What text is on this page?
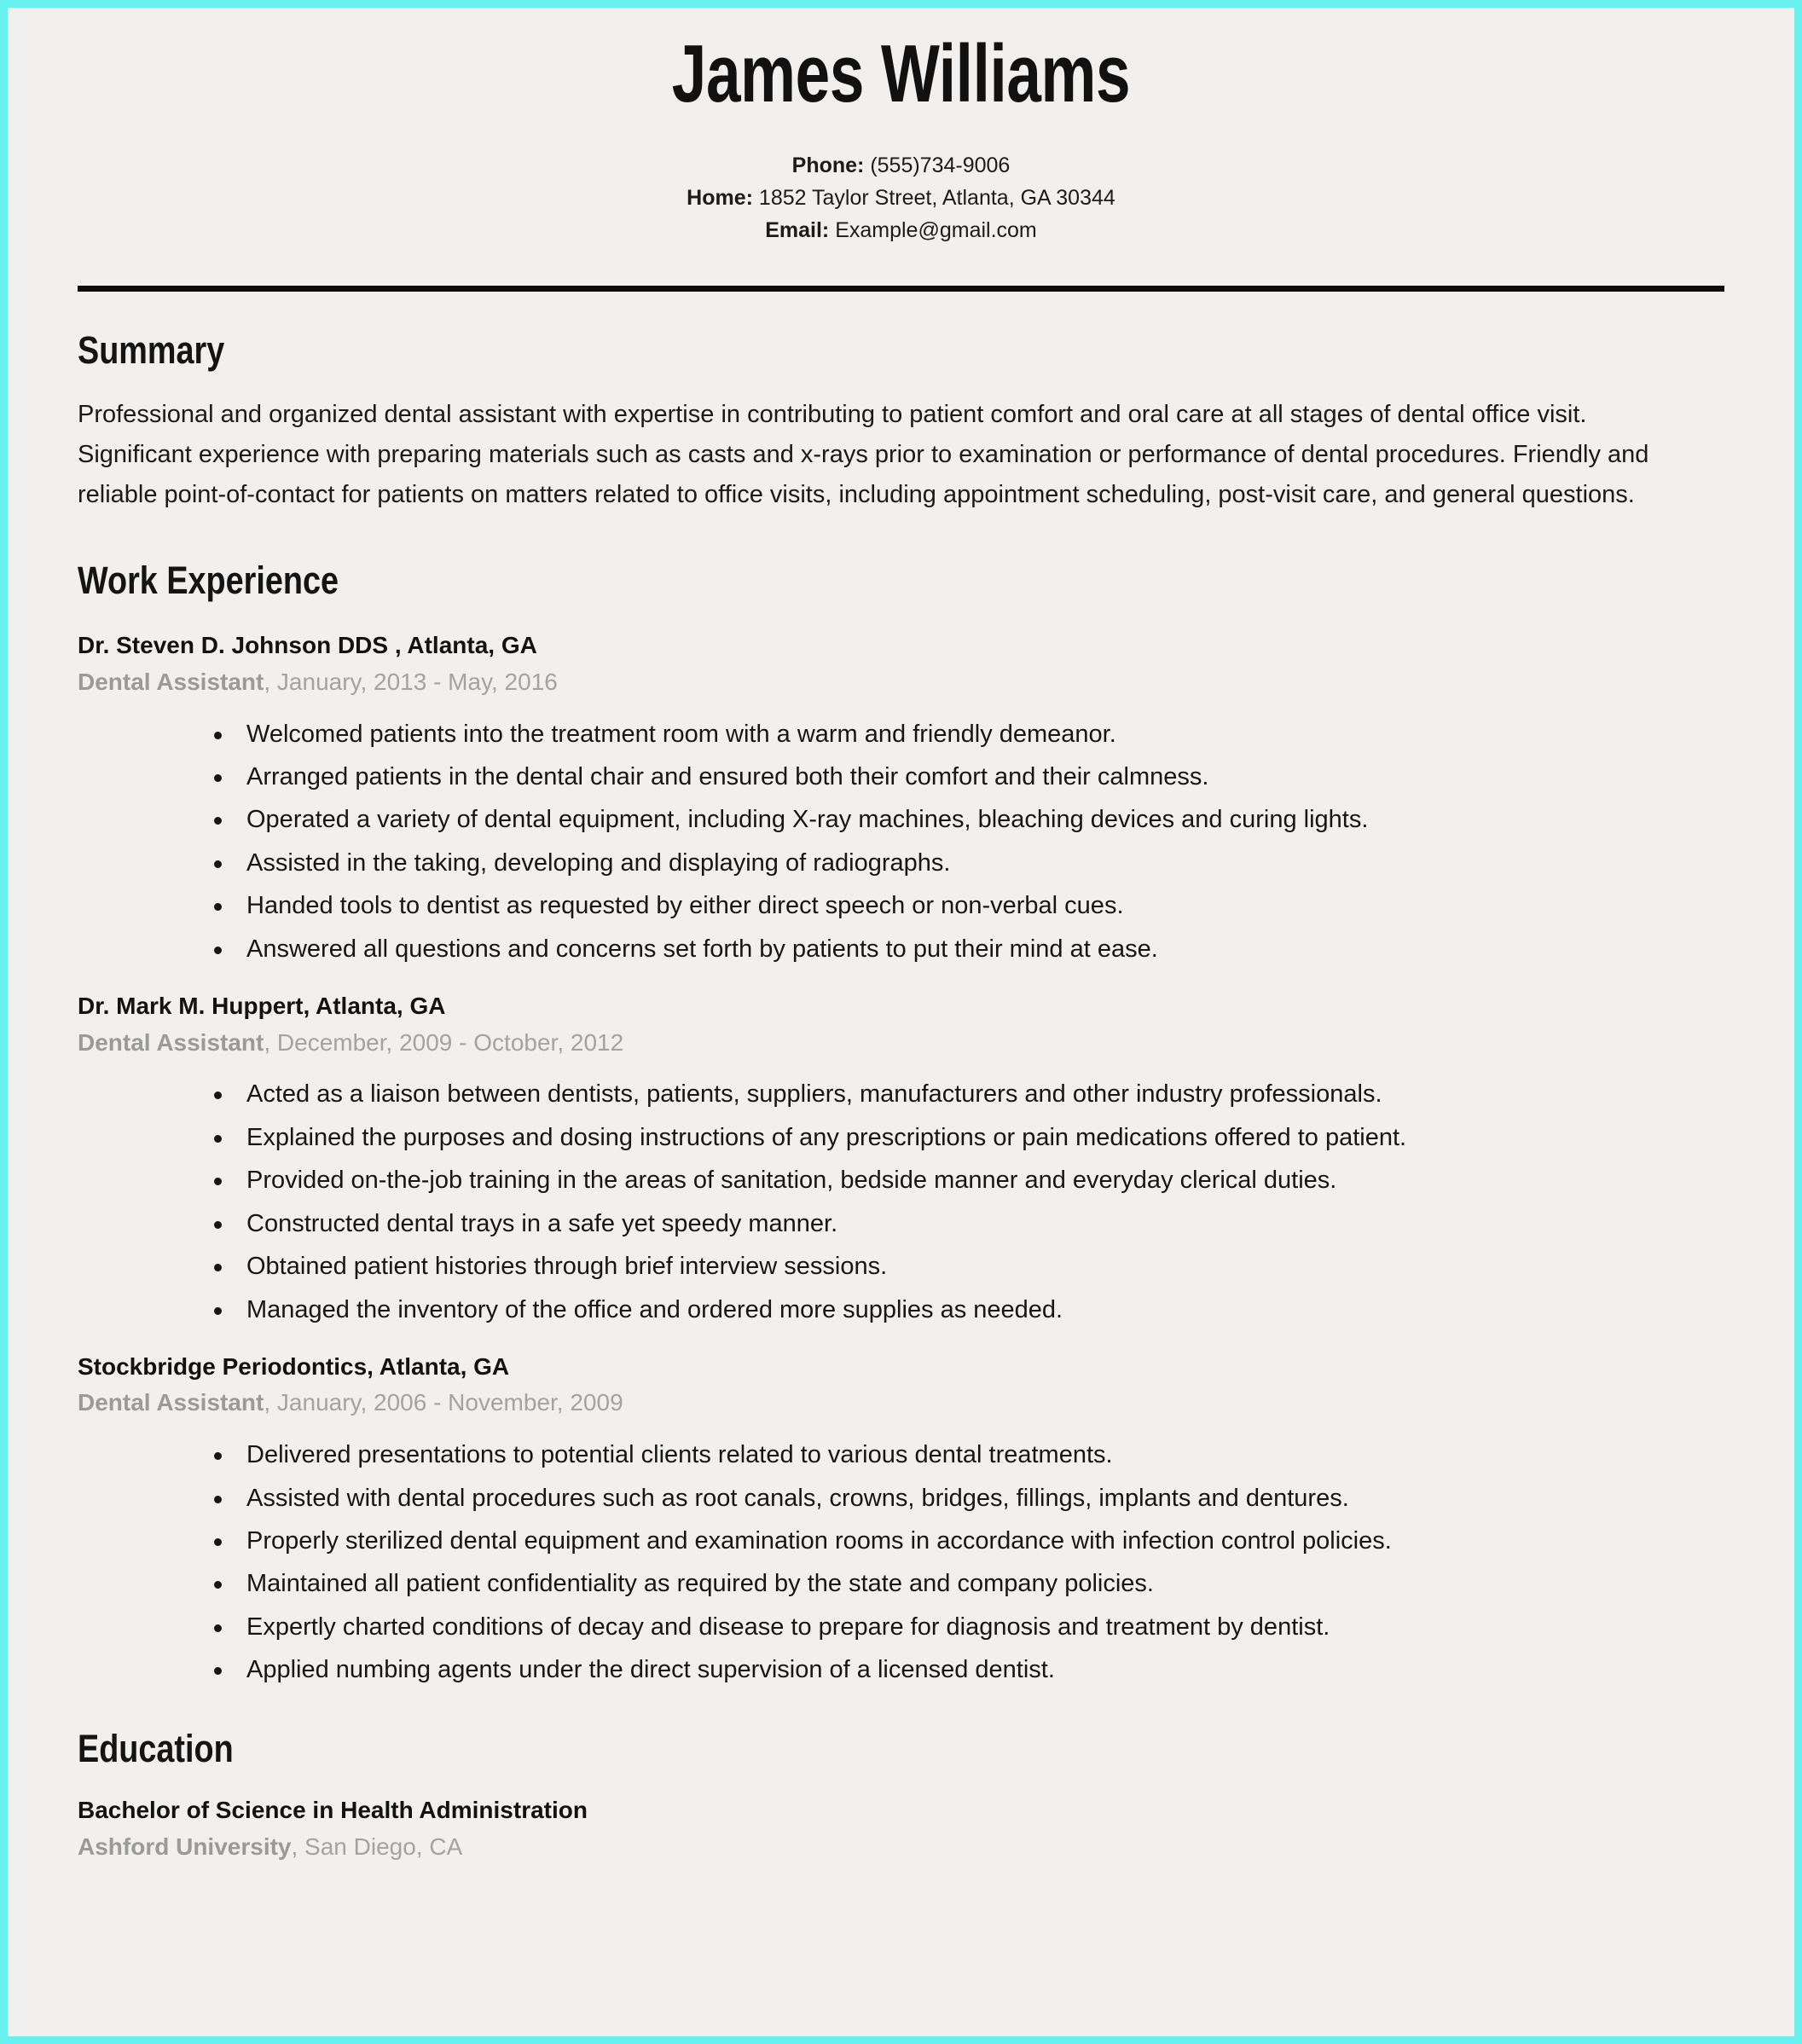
James Williams
Phone: (555)734-9006
Home: 1852 Taylor Street, Atlanta, GA 30344
Email: Example@gmail.com
Summary

Professional and organized dental assistant with expertise in contributing to patient comfort and oral care at all stages of dental office visit. Significant experience with preparing materials such as casts and x-rays prior to examination or performance of dental procedures. Friendly and reliable point-of-contact for patients on matters related to office visits, including appointment scheduling, post-visit care, and general questions.

Work Experience
Dr. Steven D. Johnson DDS , Atlanta, GA
Dental Assistant, January, 2013 - May, 2016
Welcomed patients into the treatment room with a warm and friendly demeanor.
Arranged patients in the dental chair and ensured both their comfort and their calmness.
Operated a variety of dental equipment, including X-ray machines, bleaching devices and curing lights.
Assisted in the taking, developing and displaying of radiographs.
Handed tools to dentist as requested by either direct speech or non-verbal cues.
Answered all questions and concerns set forth by patients to put their mind at ease.
Dr. Mark M. Huppert, Atlanta, GA
Dental Assistant, December, 2009 - October, 2012
Acted as a liaison between dentists, patients, suppliers, manufacturers and other industry professionals.
Explained the purposes and dosing instructions of any prescriptions or pain medications offered to patient.
Provided on-the-job training in the areas of sanitation, bedside manner and everyday clerical duties.
Constructed dental trays in a safe yet speedy manner.
Obtained patient histories through brief interview sessions.
Managed the inventory of the office and ordered more supplies as needed.
Stockbridge Periodontics, Atlanta, GA
Dental Assistant, January, 2006 - November, 2009
Delivered presentations to potential clients related to various dental treatments.
Assisted with dental procedures such as root canals, crowns, bridges, fillings, implants and dentures.
Properly sterilized dental equipment and examination rooms in accordance with infection control policies.
Maintained all patient confidentiality as required by the state and company policies.
Expertly charted conditions of decay and disease to prepare for diagnosis and treatment by dentist.
Applied numbing agents under the direct supervision of a licensed dentist.
Education
Bachelor of Science in Health Administration
Ashford University, San Diego, CA
